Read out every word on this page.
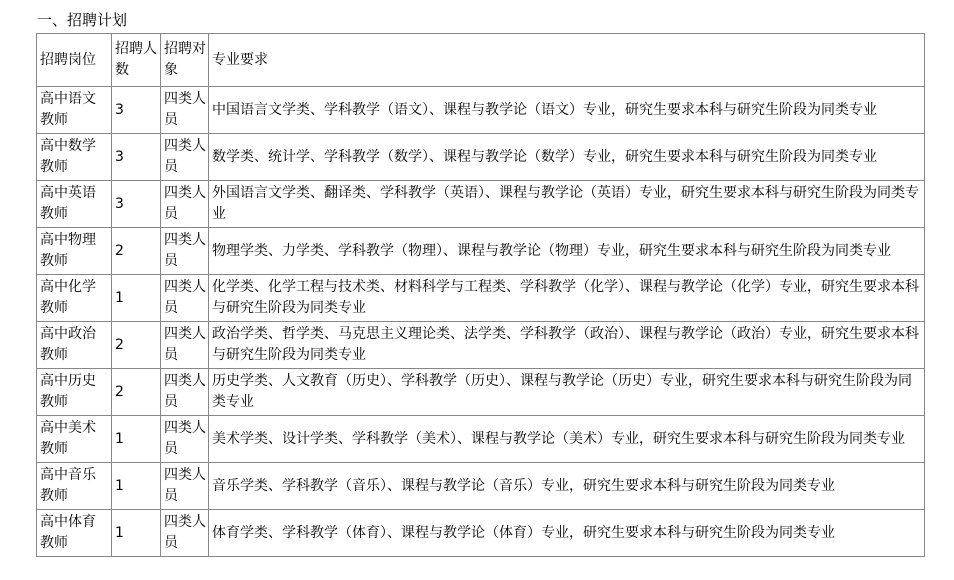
一、招聘计划
招聘岗位	招聘人数	招聘对象	专业要求
高中语文教师	3	四类人员	中国语言文学类、学科教学（语文）、课程与教学论（语文）专业，研究生要求本科与研究生阶段为同类专业
高中数学教师	3	四类人员	数学类、统计学、学科教学（数学）、课程与教学论（数学）专业，研究生要求本科与研究生阶段为同类专业
高中英语教师	3	四类人员	外国语言文学类、翻译类、学科教学（英语）、课程与教学论（英语）专业，研究生要求本科与研究生阶段为同类专业
高中物理教师	2	四类人员	物理学类、力学类、学科教学（物理）、课程与教学论（物理）专业，研究生要求本科与研究生阶段为同类专业
高中化学教师	1	四类人员	化学类、化学工程与技术类、材料科学与工程类、学科教学（化学）、课程与教学论（化学）专业，研究生要求本科与研究生阶段为同类专业
高中政治教师	2	四类人员	政治学类、哲学类、马克思主义理论类、法学类、学科教学（政治）、课程与教学论（政治）专业，研究生要求本科与研究生阶段为同类专业
高中历史教师	2	四类人员	历史学类、人文教育（历史）、学科教学（历史）、课程与教学论（历史）专业，研究生要求本科与研究生阶段为同类专业
高中美术教师	1	四类人员	美术学类、设计学类、学科教学（美术）、课程与教学论（美术）专业，研究生要求本科与研究生阶段为同类专业
高中音乐教师	1	四类人员	音乐学类、学科教学（音乐）、课程与教学论（音乐）专业，研究生要求本科与研究生阶段为同类专业
高中体育教师	1	四类人员	体育学类、学科教学（体育）、课程与教学论（体育）专业，研究生要求本科与研究生阶段为同类专业
